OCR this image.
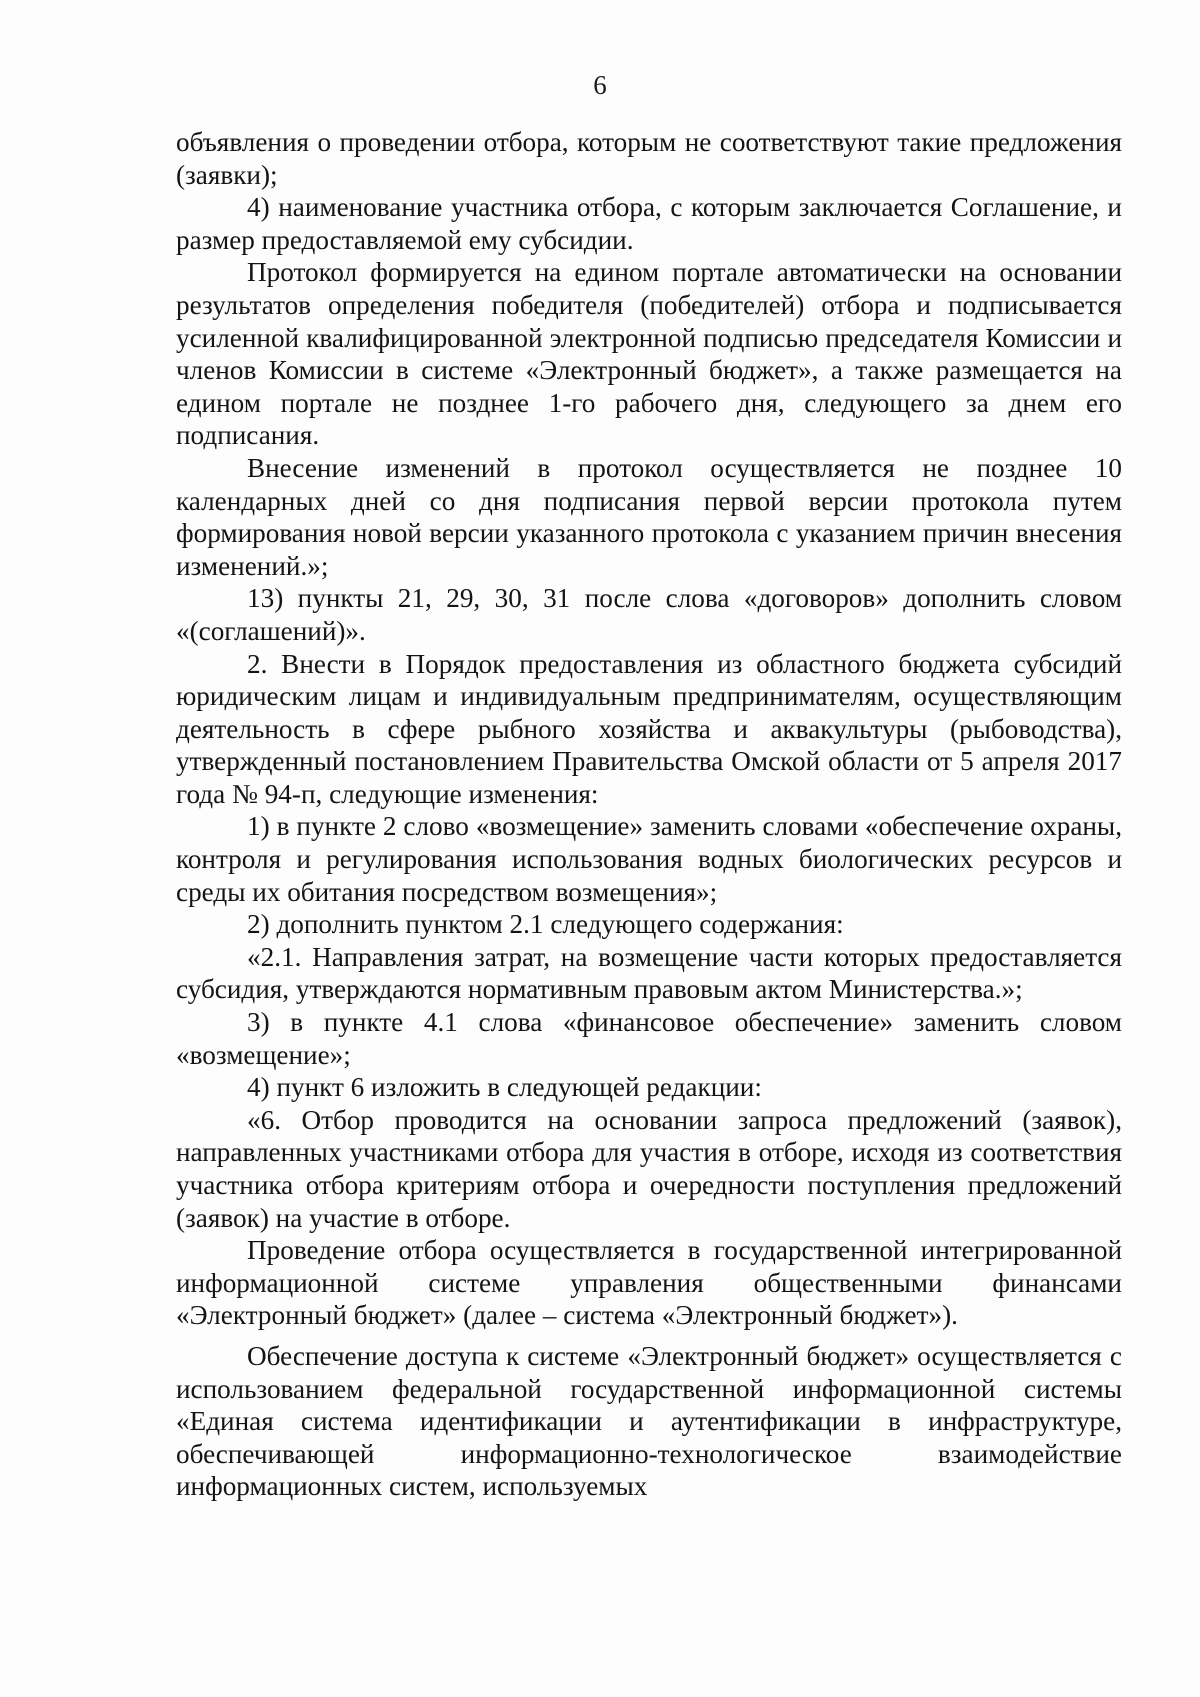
6

объявления о проведении отбора, которым не соответствуют такие предложения (заявки);

4) наименование участника отбора, с которым заключается Соглашение, и размер предоставляемой ему субсидии.

Протокол формируется на едином портале автоматически на основании результатов определения победителя (победителей) отбора и подписывается усиленной квалифицированной электронной подписью председателя Комиссии и членов Комиссии в системе «Электронный бюджет», а также размещается на едином портале не позднее 1-го рабочего дня, следующего за днем его подписания.

Внесение изменений в протокол осуществляется не позднее 10 календарных дней со дня подписания первой версии протокола путем формирования новой версии указанного протокола с указанием причин внесения изменений.»;

13) пункты 21, 29, 30, 31 после слова «договоров» дополнить словом «(соглашений)».

2. Внести в Порядок предоставления из областного бюджета субсидий юридическим лицам и индивидуальным предпринимателям, осуществляющим деятельность в сфере рыбного хозяйства и аквакультуры (рыбоводства), утвержденный постановлением Правительства Омской области от 5 апреля 2017 года № 94-п, следующие изменения:

1) в пункте 2 слово «возмещение» заменить словами «обеспечение охраны, контроля и регулирования использования водных биологических ресурсов и среды их обитания посредством возмещения»;

2) дополнить пунктом 2.1 следующего содержания:

«2.1. Направления затрат, на возмещение части которых предоставляется субсидия, утверждаются нормативным правовым актом Министерства.»;

3) в пункте 4.1 слова «финансовое обеспечение» заменить словом «возмещение»;

4) пункт 6 изложить в следующей редакции:

«6. Отбор проводится на основании запроса предложений (заявок), направленных участниками отбора для участия в отборе, исходя из соответствия участника отбора критериям отбора и очередности поступления предложений (заявок) на участие в отборе.

Проведение отбора осуществляется в государственной интегрированной информационной системе управления общественными финансами «Электронный бюджет» (далее – система «Электронный бюджет»).

Обеспечение доступа к системе «Электронный бюджет» осуществляется с использованием федеральной государственной информационной системы «Единая система идентификации и аутентификации в инфраструктуре, обеспечивающей информационно-технологическое взаимодействие информационных систем, используемых
